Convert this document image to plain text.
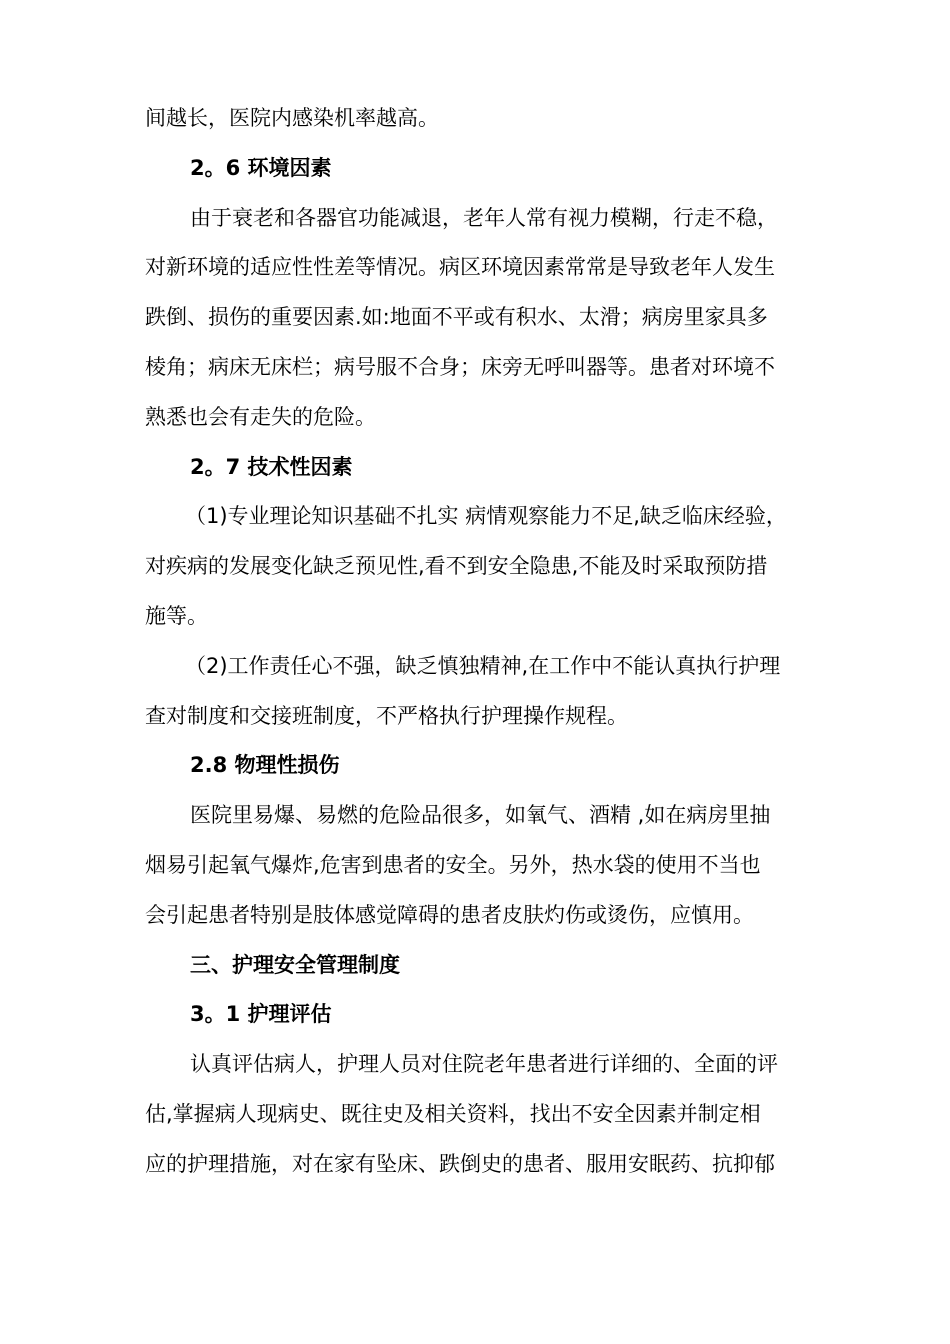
间越长，医院内感染机率越高。

2。6 环境因素

由于衰老和各器官功能减退，老年人常有视力模糊，行走不稳，

对新环境的适应性性差等情况。病区环境因素常常是导致老年人发生

跌倒、损伤的重要因素.如:地面不平或有积水、太滑；病房里家具多

棱角；病床无床栏；病号服不合身；床旁无呼叫器等。患者对环境不

熟悉也会有走失的危险。

2。7 技术性因素

（1)专业理论知识基础不扎实 病情观察能力不足,缺乏临床经验，

对疾病的发展变化缺乏预见性,看不到安全隐患,不能及时采取预防措

施等。

（2)工作责任心不强，缺乏慎独精神,在工作中不能认真执行护理

查对制度和交接班制度，不严格执行护理操作规程。

2.8 物理性损伤

医院里易爆、易燃的危险品很多，如氧气、酒精 ,如在病房里抽

烟易引起氧气爆炸,危害到患者的安全。另外，热水袋的使用不当也

会引起患者特别是肢体感觉障碍的患者皮肤灼伤或烫伤，应慎用。

三、护理安全管理制度

3。1 护理评估

认真评估病人，护理人员对住院老年患者进行详细的、全面的评

估,掌握病人现病史、既往史及相关资料，找出不安全因素并制定相

应的护理措施，对在家有坠床、跌倒史的患者、服用安眠药、抗抑郁
